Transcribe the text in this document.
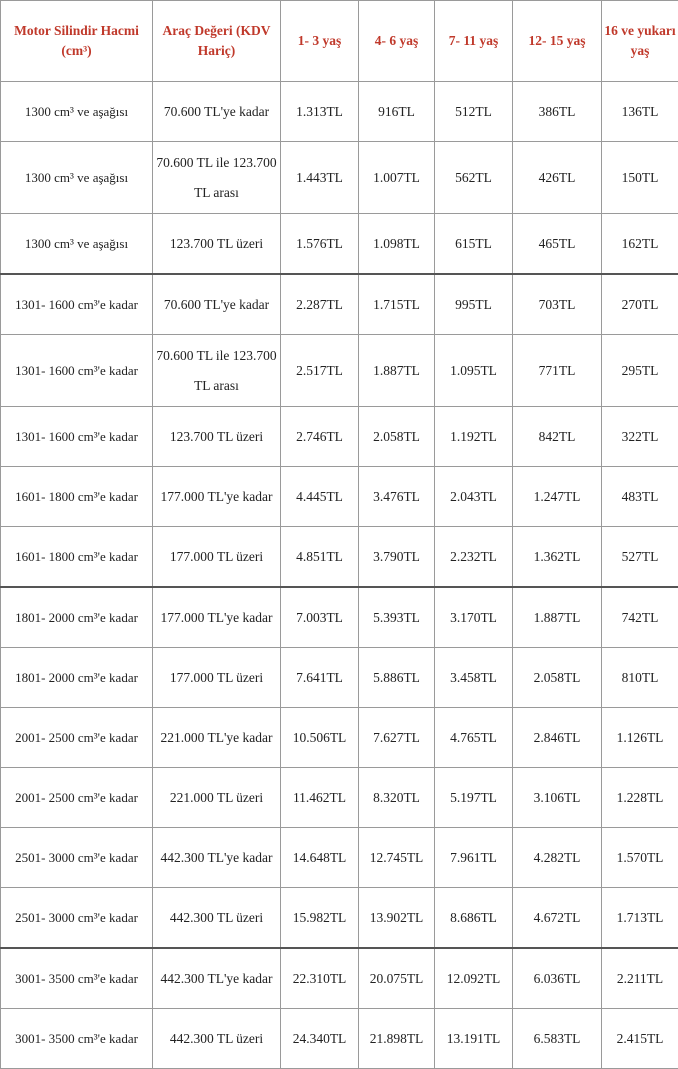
Motor Silindir Hacmi (cm³)	Araç Değeri (KDV Hariç)	1- 3 yaş	4- 6 yaş	7- 11 yaş	12- 15 yaş	16 ve yukarı yaş
1300 cm³ ve aşağısı	70.600 TL'ye kadar	1.313TL	916TL	512TL	386TL	136TL
1300 cm³ ve aşağısı	70.600 TL ile 123.700 TL arası	1.443TL	1.007TL	562TL	426TL	150TL
1300 cm³ ve aşağısı	123.700 TL üzeri	1.576TL	1.098TL	615TL	465TL	162TL
1301- 1600 cm³'e kadar	70.600 TL'ye kadar	2.287TL	1.715TL	995TL	703TL	270TL
1301- 1600 cm³'e kadar	70.600 TL ile 123.700 TL arası	2.517TL	1.887TL	1.095TL	771TL	295TL
1301- 1600 cm³'e kadar	123.700 TL üzeri	2.746TL	2.058TL	1.192TL	842TL	322TL
1601- 1800 cm³'e kadar	177.000 TL'ye kadar	4.445TL	3.476TL	2.043TL	1.247TL	483TL
1601- 1800 cm³'e kadar	177.000 TL üzeri	4.851TL	3.790TL	2.232TL	1.362TL	527TL
1801- 2000 cm³'e kadar	177.000 TL'ye kadar	7.003TL	5.393TL	3.170TL	1.887TL	742TL
1801- 2000 cm³'e kadar	177.000 TL üzeri	7.641TL	5.886TL	3.458TL	2.058TL	810TL
2001- 2500 cm³'e kadar	221.000 TL'ye kadar	10.506TL	7.627TL	4.765TL	2.846TL	1.126TL
2001- 2500 cm³'e kadar	221.000 TL üzeri	11.462TL	8.320TL	5.197TL	3.106TL	1.228TL
2501- 3000 cm³'e kadar	442.300 TL'ye kadar	14.648TL	12.745TL	7.961TL	4.282TL	1.570TL
2501- 3000 cm³'e kadar	442.300 TL üzeri	15.982TL	13.902TL	8.686TL	4.672TL	1.713TL
3001- 3500 cm³'e kadar	442.300 TL'ye kadar	22.310TL	20.075TL	12.092TL	6.036TL	2.211TL
3001- 3500 cm³'e kadar	442.300 TL üzeri	24.340TL	21.898TL	13.191TL	6.583TL	2.415TL
